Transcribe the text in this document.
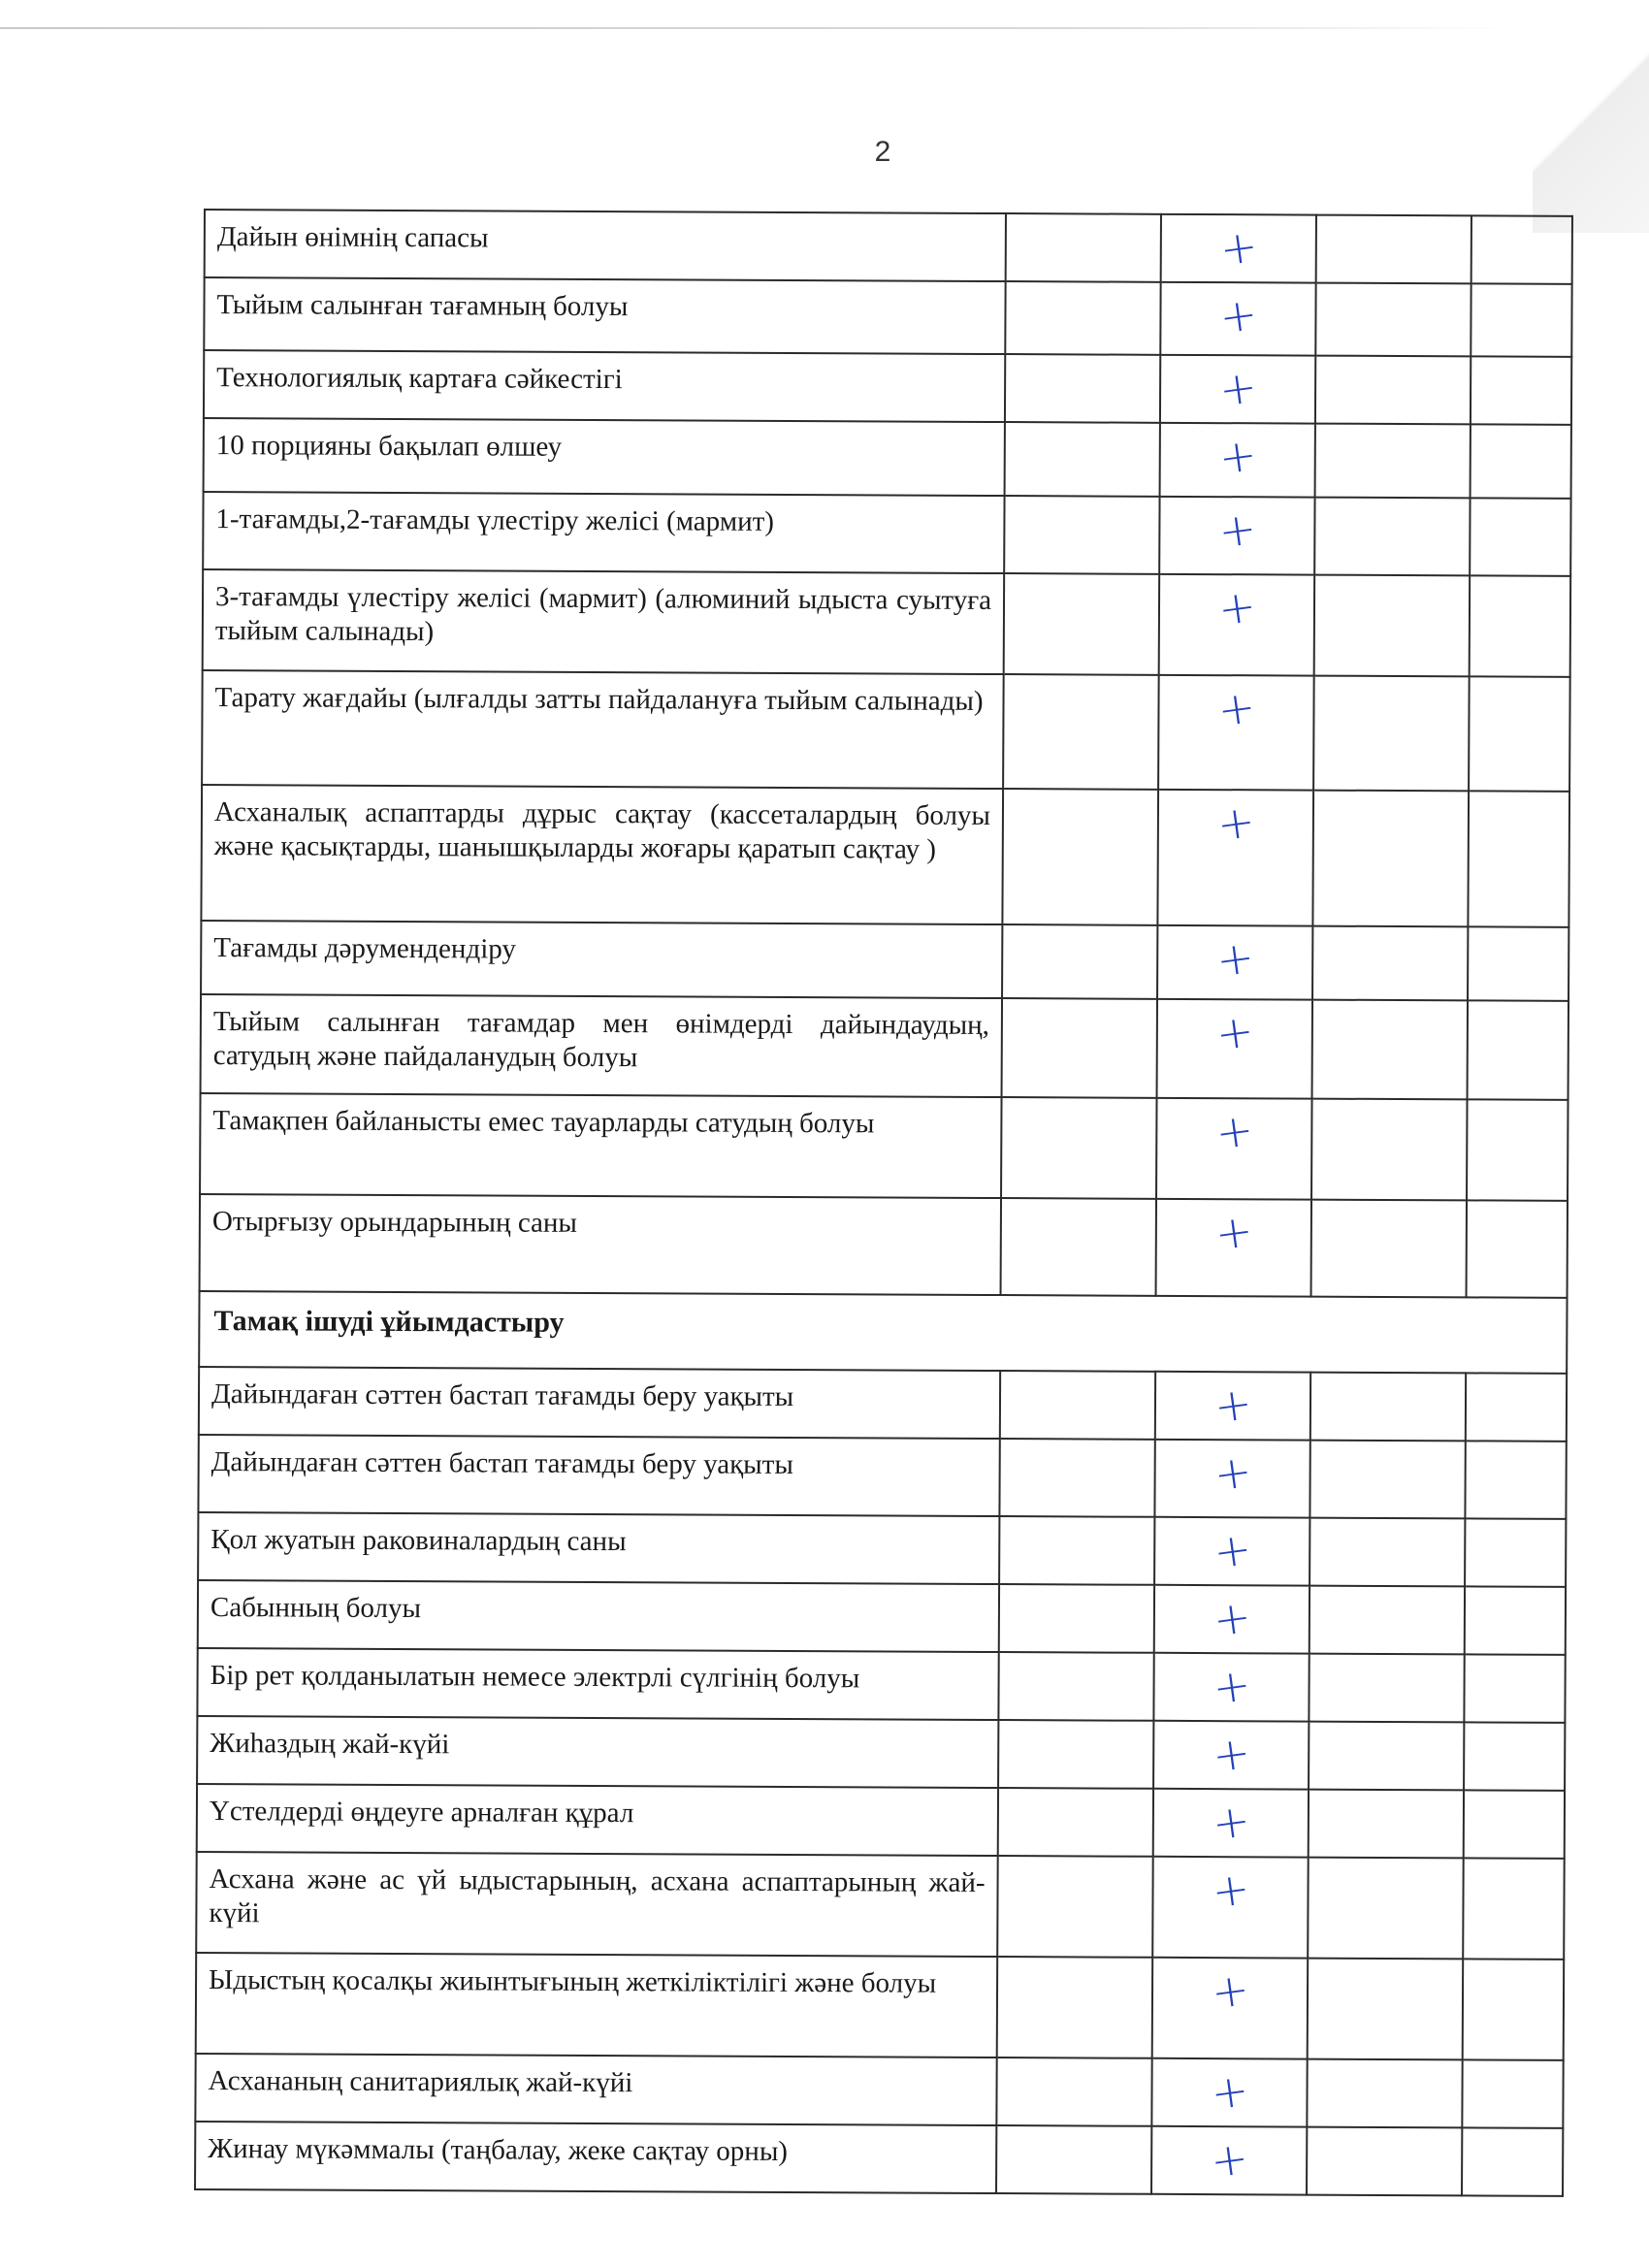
2
Дайын өнімнің сапасы		+		
Тыйым салынған тағамның болуы		+		
Технологиялық картаға сәйкестігі		+		
10 порцияны бақылап өлшеу		+		
1-тағамды,2-тағамды үлестіру желісі (мармит)		+		
3-тағамды үлестіру желісі (мармит) (алюминий ыдыста суытуға тыйым салынады)		+		
Тарату жағдайы (ылғалды затты пайдалануға тыйым салынады)		+		
Асханалық аспаптарды дұрыс сақтау (кассеталардың болуы және қасықтарды, шанышқыларды жоғары қаратып сақтау )		+		
Тағамды дәрумендендіру		+		
Тыйым салынған тағамдар мен өнімдерді дайындаудың, сатудың және пайдаланудың болуы		+		
Тамақпен байланысты емес тауарларды сатудың болуы		+		
Отырғызу орындарының саны		+		
Тамақ ішуді ұйымдастыру				
Дайындаған сәттен бастап тағамды беру уақыты		+		
Дайындаған сәттен бастап тағамды беру уақыты		+		
Қол жуатын раковиналардың саны		+		
Сабынның болуы		+		
Бір рет қолданылатын немесе электрлі сүлгінің болуы		+		
Жиһаздың жай-күйі		+		
Үстелдерді өңдеуге арналған құрал		+		
Асхана және ас үй ыдыстарының, асхана аспаптарының жай-күйі		+		
Ыдыстың қосалқы жиынтығының жеткіліктілігі және болуы		+		
Асхананың санитариялық жай-күйі		+		
Жинау мүкәммалы (таңбалау, жеке сақтау орны)		+		
